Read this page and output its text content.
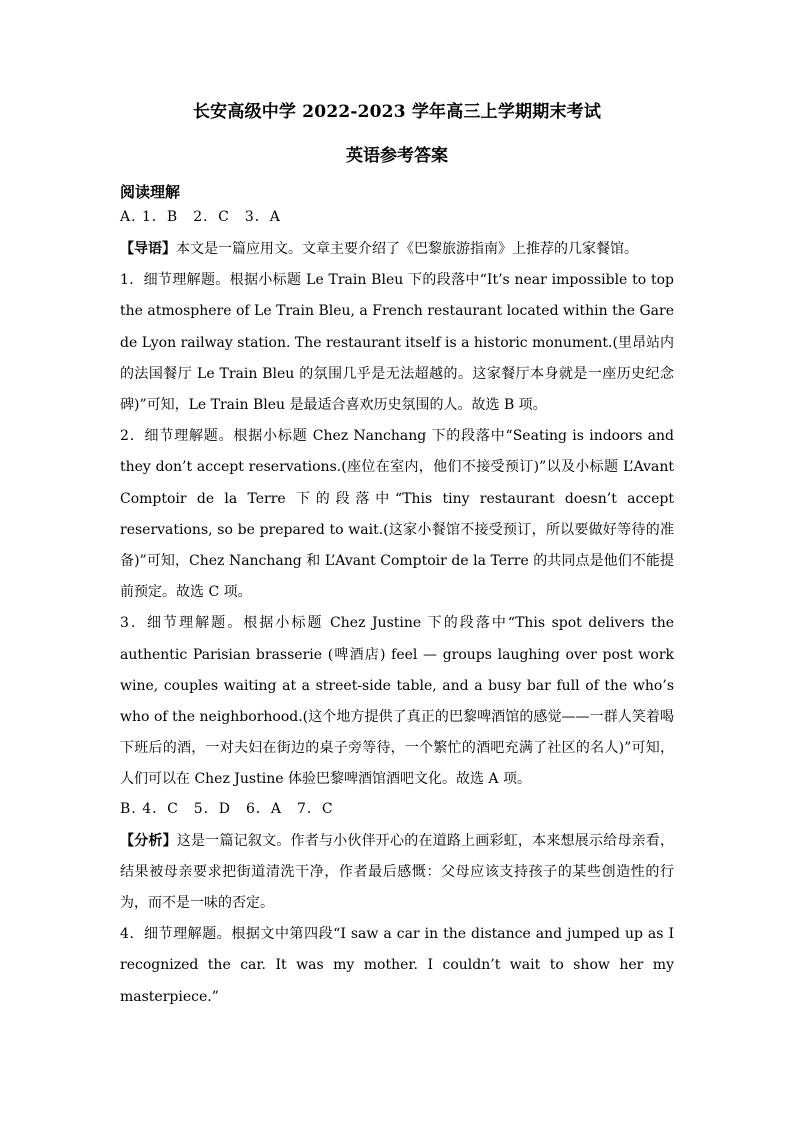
长安高级中学 2022-2023 学年高三上学期期末考试
英语参考答案
阅读理解
A. 1．B　2．C　3．A

【导语】本文是一篇应用文。文章主要介绍了《巴黎旅游指南》上推荐的几家餐馆。

1．细节理解题。根据小标题 Le Train Bleu 下的段落中“It’s near impossible to top the atmosphere of Le Train Bleu, a French restaurant located within the Gare de Lyon railway station. The restaurant itself is a historic monument.(里昂站内的法国餐厅 Le Train Bleu 的氛围几乎是无法超越的。这家餐厅本身就是一座历史纪念碑)”可知，Le Train Bleu 是最适合喜欢历史氛围的人。故选 B 项。

2．细节理解题。根据小标题 Chez Nanchang 下的段落中“Seating is indoors and they don’t accept reservations.(座位在室内，他们不接受预订)”以及小标题 L’Avant Comptoir de la Terre 下的段落中“This tiny restaurant doesn’t accept reservations, so be prepared to wait.(这家小餐馆不接受预订，所以要做好等待的准备)”可知，Chez Nanchang 和 L’Avant Comptoir de la Terre 的共同点是他们不能提前预定。故选 C 项。

3．细节理解题。根据小标题 Chez Justine 下的段落中“This spot delivers the authentic Parisian brasserie (啤酒店) feel — groups laughing over post work wine, couples waiting at a street-side table, and a busy bar full of the who’s who of the neighborhood.(这个地方提供了真正的巴黎啤酒馆的感觉——一群人笑着喝下班后的酒，一对夫妇在街边的桌子旁等待，一个繁忙的酒吧充满了社区的名人)”可知，人们可以在 Chez Justine 体验巴黎啤酒馆酒吧文化。故选 A 项。

B. 4．C　5．D　6．A　7．C

【分析】这是一篇记叙文。作者与小伙伴开心的在道路上画彩虹，本来想展示给母亲看，结果被母亲要求把街道清洗干净，作者最后感慨：父母应该支持孩子的某些创造性的行为，而不是一味的否定。

4．细节理解题。根据文中第四段“I saw a car in the distance and jumped up as I recognized the car. It was my mother. I couldn’t wait to show her my masterpiece.”
